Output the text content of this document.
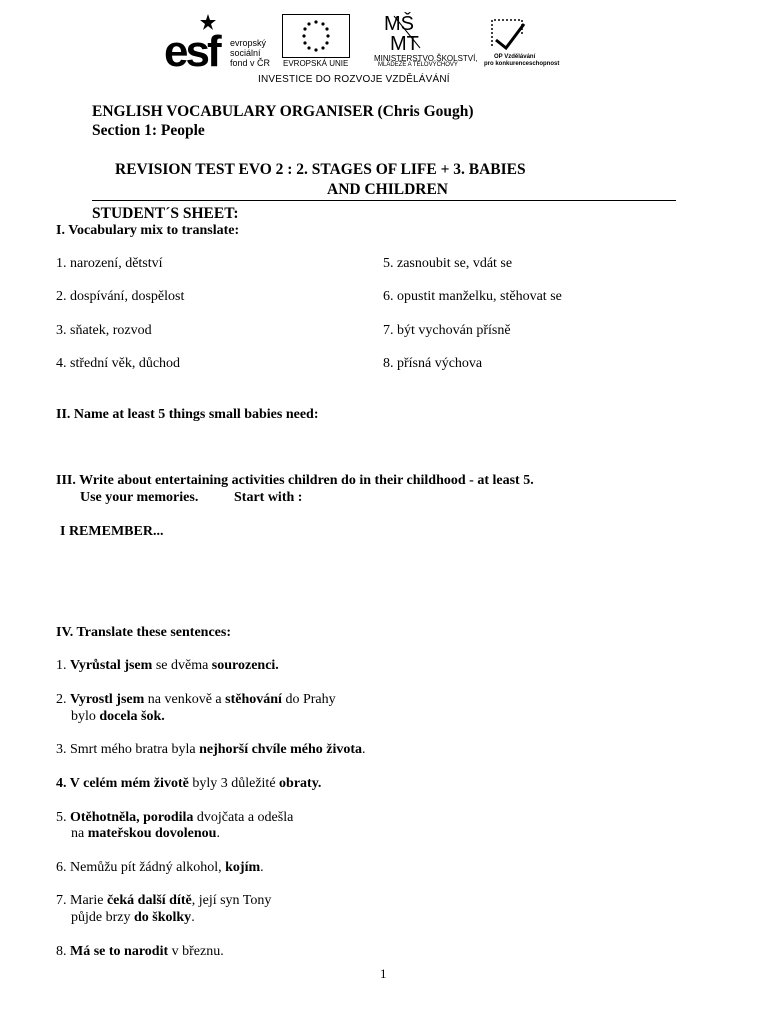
esf	evropský
sociální
fond v ČR EVROPSKÁ UNIE
MŠ
MT
MINISTERSTVO ŠKOLSTVÍ,
MLÁDEŽE A TĚLOVÝCHOVY
OP Vzdělávání
pro konkurenceschopnost
INVESTICE DO ROZVOJE VZDĚLÁVÁNÍ
ENGLISH VOCABULARY ORGANISER (Chris Gough)
Section 1: People
REVISION TEST EVO 2 : 2. STAGES OF LIFE + 3. BABIES
AND CHILDREN
STUDENT´S SHEET:
I. Vocabulary mix to translate:
1. narození, dětství
2. dospívání, dospělost
3. sňatek, rozvod
4. střední věk, důchod
5. zasnoubit se, vdát se
6. opustit manželku, stěhovat se
7. být vychován přísně
8. přísná výchova
II. Name at least 5 things small babies need:
III. Write about entertaining activities children do in their childhood - at least 5.
Use your memories.	Start with :
I REMEMBER...
IV. Translate these sentences:
1. Vyrůstal jsem se dvěma sourozenci.
2. Vyrostl jsem na venkově a stěhování do Prahy
bylo docela šok.
3. Smrt mého bratra byla nejhorší chvíle mého života.
4. V celém mém životě byly 3 důležité obraty.
5. Otěhotněla, porodila dvojčata a odešla
na mateřskou dovolenou.
6. Nemůžu pít žádný alkohol, kojím.
7. Marie čeká další dítě, její syn Tony
půjde brzy do školky.
8. Má se to narodit v březnu.
1
